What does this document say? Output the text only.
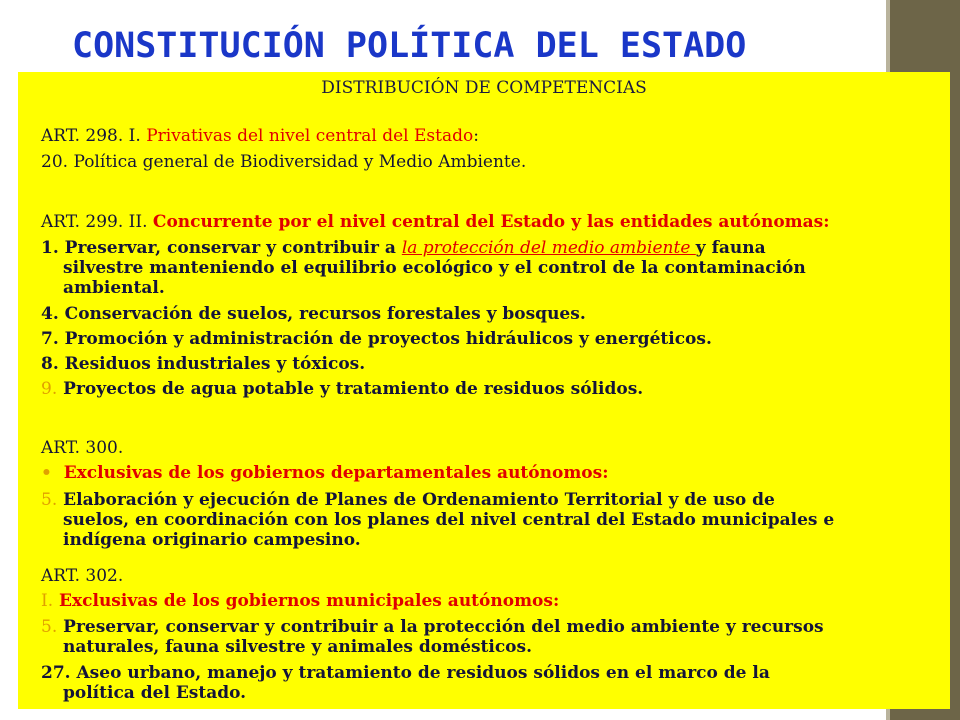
CONSTITUCIÓN POLÍTICA DEL ESTADO
DISTRIBUCIÓN DE COMPETENCIAS
ART. 298. I. Privativas del nivel central del Estado:
20. Política general de Biodiversidad y Medio Ambiente.
ART. 299. II. Concurrente por el nivel central del Estado y las entidades autónomas:
1. Preservar, conservar y contribuir a la protección del medio ambiente y fauna
silvestre manteniendo el equilibrio ecológico y el control de la contaminación
ambiental.
4. Conservación de suelos, recursos forestales y bosques.
7. Promoción y administración de proyectos hidráulicos y energéticos.
8. Residuos industriales y tóxicos.
9. Proyectos de agua potable y tratamiento de residuos sólidos.
ART. 300.
• Exclusivas de los gobiernos departamentales autónomos:
5. Elaboración y ejecución de Planes de Ordenamiento Territorial y de uso de
suelos, en coordinación con los planes del nivel central del Estado municipales e
indígena originario campesino.
ART. 302.
I. Exclusivas de los gobiernos municipales autónomos:
5. Preservar, conservar y contribuir a la protección del medio ambiente y recursos
naturales, fauna silvestre y animales domésticos.
27. Aseo urbano, manejo y tratamiento de residuos sólidos en el marco de la
política del Estado.
